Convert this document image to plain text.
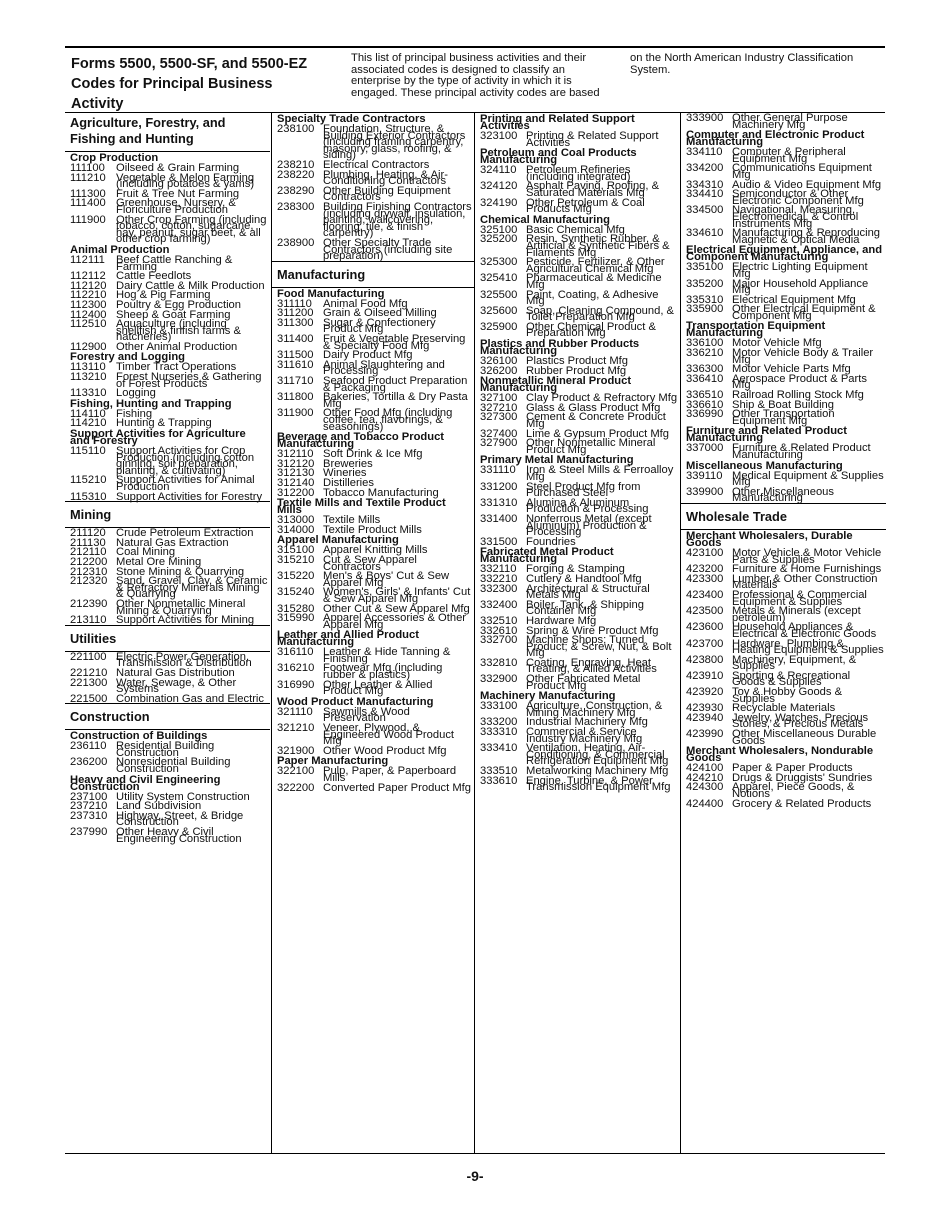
Forms 5500, 5500-SF, and 5500-EZ Codes for Principal Business Activity
This list of principal business activities and their associated codes is designed to classify an enterprise by the type of activity in which it is engaged. These principal activity codes are based
on the North American Industry Classification System.
Agriculture, Forestry, and Fishing and Hunting
Crop Production
111100 Oilseed & Grain Farming
111210 Vegetable & Melon Farming (including potatoes & yams)
111300 Fruit & Tree Nut Farming
111400 Greenhouse, Nursery, & Floriculture Production
111900 Other Crop Farming (including tobacco, cotton, sugarcane, hay, peanut, sugar beet, & all other crop farming)
Animal Production
112111 Beef Cattle Ranching & Farming
112112 Cattle Feedlots
112120 Dairy Cattle & Milk Production
112210 Hog & Pig Farming
112300 Poultry & Egg Production
112400 Sheep & Goat Farming
112510 Aquaculture (including shellfish & finfish farms & hatcheries)
112900 Other Animal Production
Forestry and Logging
113110 Timber Tract Operations
113210 Forest Nurseries & Gathering of Forest Products
113310 Logging
Fishing, Hunting and Trapping
114110 Fishing
114210 Hunting & Trapping
Support Activities for Agriculture and Forestry
115110 Support Activities for Crop Production (including cotton ginning, soil preparation, planting, & cultivating)
115210 Support Activities for Animal Production
115310 Support Activities for Forestry
Mining
211120 Crude Petroleum Extraction
211130 Natural Gas Extraction
212110 Coal Mining
212200 Metal Ore Mining
212310 Stone Mining & Quarrying
212320 Sand, Gravel, Clay, & Ceramic & Refractory Minerals Mining & Quarrying
212390 Other Nonmetallic Mineral Mining & Quarrying
213110 Support Activities for Mining
Utilities
221100 Electric Power Generation, Transmission & Distribution
221210 Natural Gas Distribution
221300 Water, Sewage, & Other Systems
221500 Combination Gas and Electric
Construction
Construction of Buildings
236110 Residential Building Construction
236200 Nonresidential Building Construction
Heavy and Civil Engineering Construction
237100 Utility System Construction
237210 Land Subdivision
237310 Highway, Street, & Bridge Construction
237990 Other Heavy & Civil Engineering Construction
Specialty Trade Contractors
238100 Foundation, Structure, & Building Exterior Contractors (including framing carpentry, masonry, glass, roofing, & siding)
238210 Electrical Contractors
238220 Plumbing, Heating, & Air-Conditioning Contractors
238290 Other Building Equipment Contractors
238300 Building Finishing Contractors (including drywall, insulation, painting, wallcovering, flooring, tile, & finish carpentry)
238900 Other Specialty Trade Contractors (including site preparation)
Manufacturing
Food Manufacturing
311110 Animal Food Mfg
311200 Grain & Oilseed Milling
311300 Sugar & Confectionery Product Mfg
311400 Fruit & Vegetable Preserving & Specialty Food Mfg
311500 Dairy Product Mfg
311610 Animal Slaughtering and Processing
311710 Seafood Product Preparation & Packaging
311800 Bakeries, Tortilla & Dry Pasta Mfg
311900 Other Food Mfg (including coffee, tea, flavorings, & seasonings)
Beverage and Tobacco Product Manufacturing
312110 Soft Drink & Ice Mfg
312120 Breweries
312130 Wineries
312140 Distilleries
312200 Tobacco Manufacturing
Textile Mills and Textile Product Mills
313000 Textile Mills
314000 Textile Product Mills
Apparel Manufacturing
315100 Apparel Knitting Mills
315210 Cut & Sew Apparel Contractors
315220 Men's & Boys' Cut & Sew Apparel Mfg
315240 Women's, Girls' & Infants' Cut & Sew Apparel Mfg
315280 Other Cut & Sew Apparel Mfg
315990 Apparel Accessories & Other Apparel Mfg
Leather and Allied Product Manufacturing
316110 Leather & Hide Tanning & Finishing
316210 Footwear Mfg (including rubber & plastics)
316990 Other Leather & Allied Product Mfg
Wood Product Manufacturing
321110 Sawmills & Wood Preservation
321210 Veneer, Plywood, & Engineered Wood Product Mfg
321900 Other Wood Product Mfg
Paper Manufacturing
322100 Pulp, Paper, & Paperboard Mills
322200 Converted Paper Product Mfg
Printing and Related Support Activities
323100 Printing & Related Support Activities
Petroleum and Coal Products Manufacturing
324110 Petroleum Refineries (including integrated)
324120 Asphalt Paving, Roofing, & Saturated Materials Mfg
324190 Other Petroleum & Coal Products Mfg
Chemical Manufacturing
325100 Basic Chemical Mfg
325200 Resin, Synthetic Rubber, & Artificial & Synthetic Fibers & Filaments Mfg
325300 Pesticide, Fertilizer, & Other Agricultural Chemical Mfg
325410 Pharmaceutical & Medicine Mfg
325500 Paint, Coating, & Adhesive Mfg
325600 Soap, Cleaning Compound, & Toilet Preparation Mfg
325900 Other Chemical Product & Preparation Mfg
Plastics and Rubber Products Manufacturing
326100 Plastics Product Mfg
326200 Rubber Product Mfg
Nonmetallic Mineral Product Manufacturing
327100 Clay Product & Refractory Mfg
327210 Glass & Glass Product Mfg
327300 Cement & Concrete Product Mfg
327400 Lime & Gypsum Product Mfg
327900 Other Nonmetallic Mineral Product Mfg
Primary Metal Manufacturing
331110 Iron & Steel Mills & Ferroalloy Mfg
331200 Steel Product Mfg from Purchased Steel
331310 Alumina & Aluminum Production & Processing
331400 Nonferrous Metal (except Aluminum) Production & Processing
331500 Foundries
Fabricated Metal Product Manufacturing
332110 Forging & Stamping
332210 Cutlery & Handtool Mfg
332300 Architectural & Structural Metals Mfg
332400 Boiler, Tank, & Shipping Container Mfg
332510 Hardware Mfg
332610 Spring & Wire Product Mfg
332700 Machine Shops; Turned Product; & Screw, Nut, & Bolt Mfg
332810 Coating, Engraving, Heat Treating, & Allied Activities
332900 Other Fabricated Metal Product Mfg
Machinery Manufacturing
333100 Agriculture, Construction, & Mining Machinery Mfg
333200 Industrial Machinery Mfg
333310 Commercial & Service Industry Machinery Mfg
333410 Ventilation, Heating, Air-Conditioning, & Commercial Refrigeration Equipment Mfg
333510 Metalworking Machinery Mfg
333610 Engine, Turbine, & Power Transmission Equipment Mfg
333900 Other General Purpose Machinery Mfg
Computer and Electronic Product Manufacturing
334110 Computer & Peripheral Equipment Mfg
334200 Communications Equipment Mfg
334310 Audio & Video Equipment Mfg
334410 Semiconductor & Other Electronic Component Mfg
334500 Navigational, Measuring, Electromedical, & Control Instruments Mfg
334610 Manufacturing & Reproducing Magnetic & Optical Media
Electrical Equipment, Appliance, and Component Manufacturing
335100 Electric Lighting Equipment Mfg
335200 Major Household Appliance Mfg
335310 Electrical Equipment Mfg
335900 Other Electrical Equipment & Component Mfg
Transportation Equipment Manufacturing
336100 Motor Vehicle Mfg
336210 Motor Vehicle Body & Trailer Mfg
336300 Motor Vehicle Parts Mfg
336410 Aerospace Product & Parts Mfg
336510 Railroad Rolling Stock Mfg
336610 Ship & Boat Building
336990 Other Transportation Equipment Mfg
Furniture and Related Product Manufacturing
337000 Furniture & Related Product Manufacturing
Miscellaneous Manufacturing
339110 Medical Equipment & Supplies Mfg
339900 Other Miscellaneous Manufacturing
Wholesale Trade
Merchant Wholesalers, Durable Goods
423100 Motor Vehicle & Motor Vehicle Parts & Supplies
423200 Furniture & Home Furnishings
423300 Lumber & Other Construction Materials
423400 Professional & Commercial Equipment & Supplies
423500 Metals & Minerals (except petroleum)
423600 Household Appliances & Electrical & Electronic Goods
423700 Hardware, Plumbing & Heating Equipment & Supplies
423800 Machinery, Equipment, & Supplies
423910 Sporting & Recreational Goods & Supplies
423920 Toy & Hobby Goods & Supplies
423930 Recyclable Materials
423940 Jewelry, Watches, Precious Stones, & Precious Metals
423990 Other Miscellaneous Durable Goods
Merchant Wholesalers, Nondurable Goods
424100 Paper & Paper Products
424210 Drugs & Druggists' Sundries
424300 Apparel, Piece Goods, & Notions
424400 Grocery & Related Products
-9-
